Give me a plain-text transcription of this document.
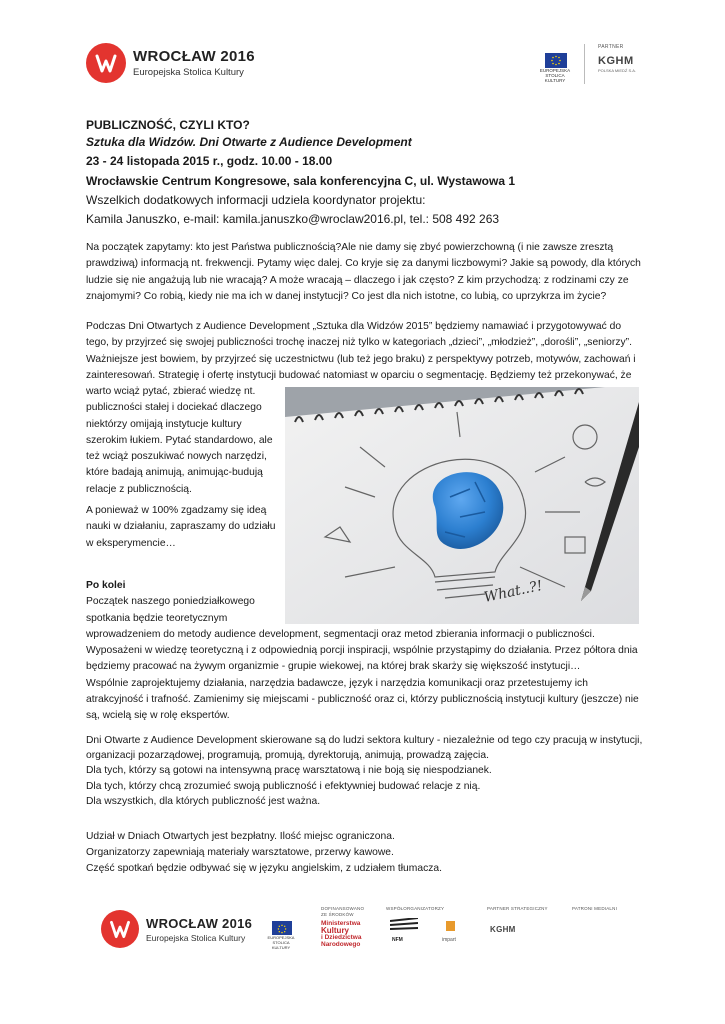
WROCŁAW 2016
Europejska Stolica Kultury	EUROPEJSKA STOLICA KULTURY
PARTNER
KGHM
POLSKA MIEDŹ S.A.
PUBLICZNOŚĆ, CZYLI KTO?
Sztuka dla Widzów. Dni Otwarte z Audience Development
23 - 24 listopada 2015 r., godz. 10.00 - 18.00
Wrocławskie Centrum Kongresowe, sala konferencyjna C, ul. Wystawowa 1
Wszelkich dodatkowych informacji udziela koordynator projektu:
Kamila Januszko, e-mail: kamila.januszko@wroclaw2016.pl, tel.: 508 492 263
Na początek zapytamy: kto jest Państwa publicznością?Ale nie damy się zbyć powierzchowną (i nie zawsze zresztą
prawdziwą) informacją nt. frekwencji. Pytamy więc dalej. Co kryje się za danymi liczbowymi? Jakie są powody, dla których
ludzie się nie angażują lub nie wracają? A może wracają – dlaczego i jak często? Z kim przychodzą: z rodzinami czy ze
znajomymi? Co robią, kiedy nie ma ich w danej instytucji? Co jest dla nich istotne, co lubią, co uprzykrza im życie?
Podczas Dni Otwartych z Audience Development „Sztuka dla Widzów 2015” będziemy namawiać i przygotowywać do
tego, by przyjrzeć się swojej publiczności trochę inaczej niż tylko w kategoriach „dzieci”, „młodzież”, „dorośli”, „seniorzy”.
Ważniejsze jest bowiem, by przyjrzeć się uczestnictwu (lub też jego braku) z perspektywy potrzeb, motywów, zachowań i
zainteresowań. Strategię i ofertę instytucji budować natomiast w oparciu o segmentację. Będziemy też przekonywać, że
warto wciąż pytać, zbierać wiedzę nt.
publiczności stałej i dociekać dlaczego
niektórzy omijają instytucje kultury
szerokim łukiem. Pytać standardowo, ale
też wciąż poszukiwać nowych narzędzi,
które badają animują, animując-budują
relacje z publicznością.
A ponieważ w 100% zgadzamy się ideą
nauki w działaniu, zapraszamy do udziału
w eksperymencie…
What..?!
Po kolei
Początek naszego poniedziałkowego
spotkania będzie teoretycznym
wprowadzeniem do metody audience development, segmentacji oraz metod zbierania informacji o publiczności.
Wyposażeni w wiedzę teoretyczną i z odpowiednią porcji inspiracji, wspólnie przystąpimy do działania. Przez półtora dnia
będziemy pracować na żywym organizmie - grupie wiekowej, na której brak skarży się większość instytucji…
Wspólnie zaprojektujemy działania, narzędzia badawcze, język i narzędzia komunikacji oraz przetestujemy ich
atrakcyjność i trafność. Zamienimy się miejscami - publiczność oraz ci, którzy publicznością instytucji kultury (jeszcze) nie
są, wcielą się w rolę ekspertów.
Dni Otwarte z Audience Development skierowane są do ludzi sektora kultury - niezależnie od tego czy pracują w instytucji,
organizacji pozarządowej, programują, promują, dyrektorują, animują, prowadzą zajęcia.
Dla tych, którzy są gotowi na intensywną pracę warsztatową i nie boją się niespodzianek.
Dla tych, którzy chcą zrozumieć swoją publiczność i efektywniej budować relacje z nią.
Dla wszystkich, dla których publiczność jest ważna.
Udział w Dniach Otwartych jest bezpłatny. Ilość miejsc ograniczona.
Organizatorzy zapewniają materiały warsztatowe, przerwy kawowe.
Część spotkań będzie odbywać się w języku angielskim, z udziałem tłumacza.
WROCŁAW 2016
Europejska Stolica Kultury	EUROPEJSKA STOLICA KULTURY
DOFINANSOWANO ZE ŚRODKÓW
Ministerstwa
Kultury
i Dziedzictwa
Narodowego
WSPÓŁORGANIZATORZY
NFM	impart
PARTNER STRATEGICZNY
KGHM
PATRONI MEDIALNI
